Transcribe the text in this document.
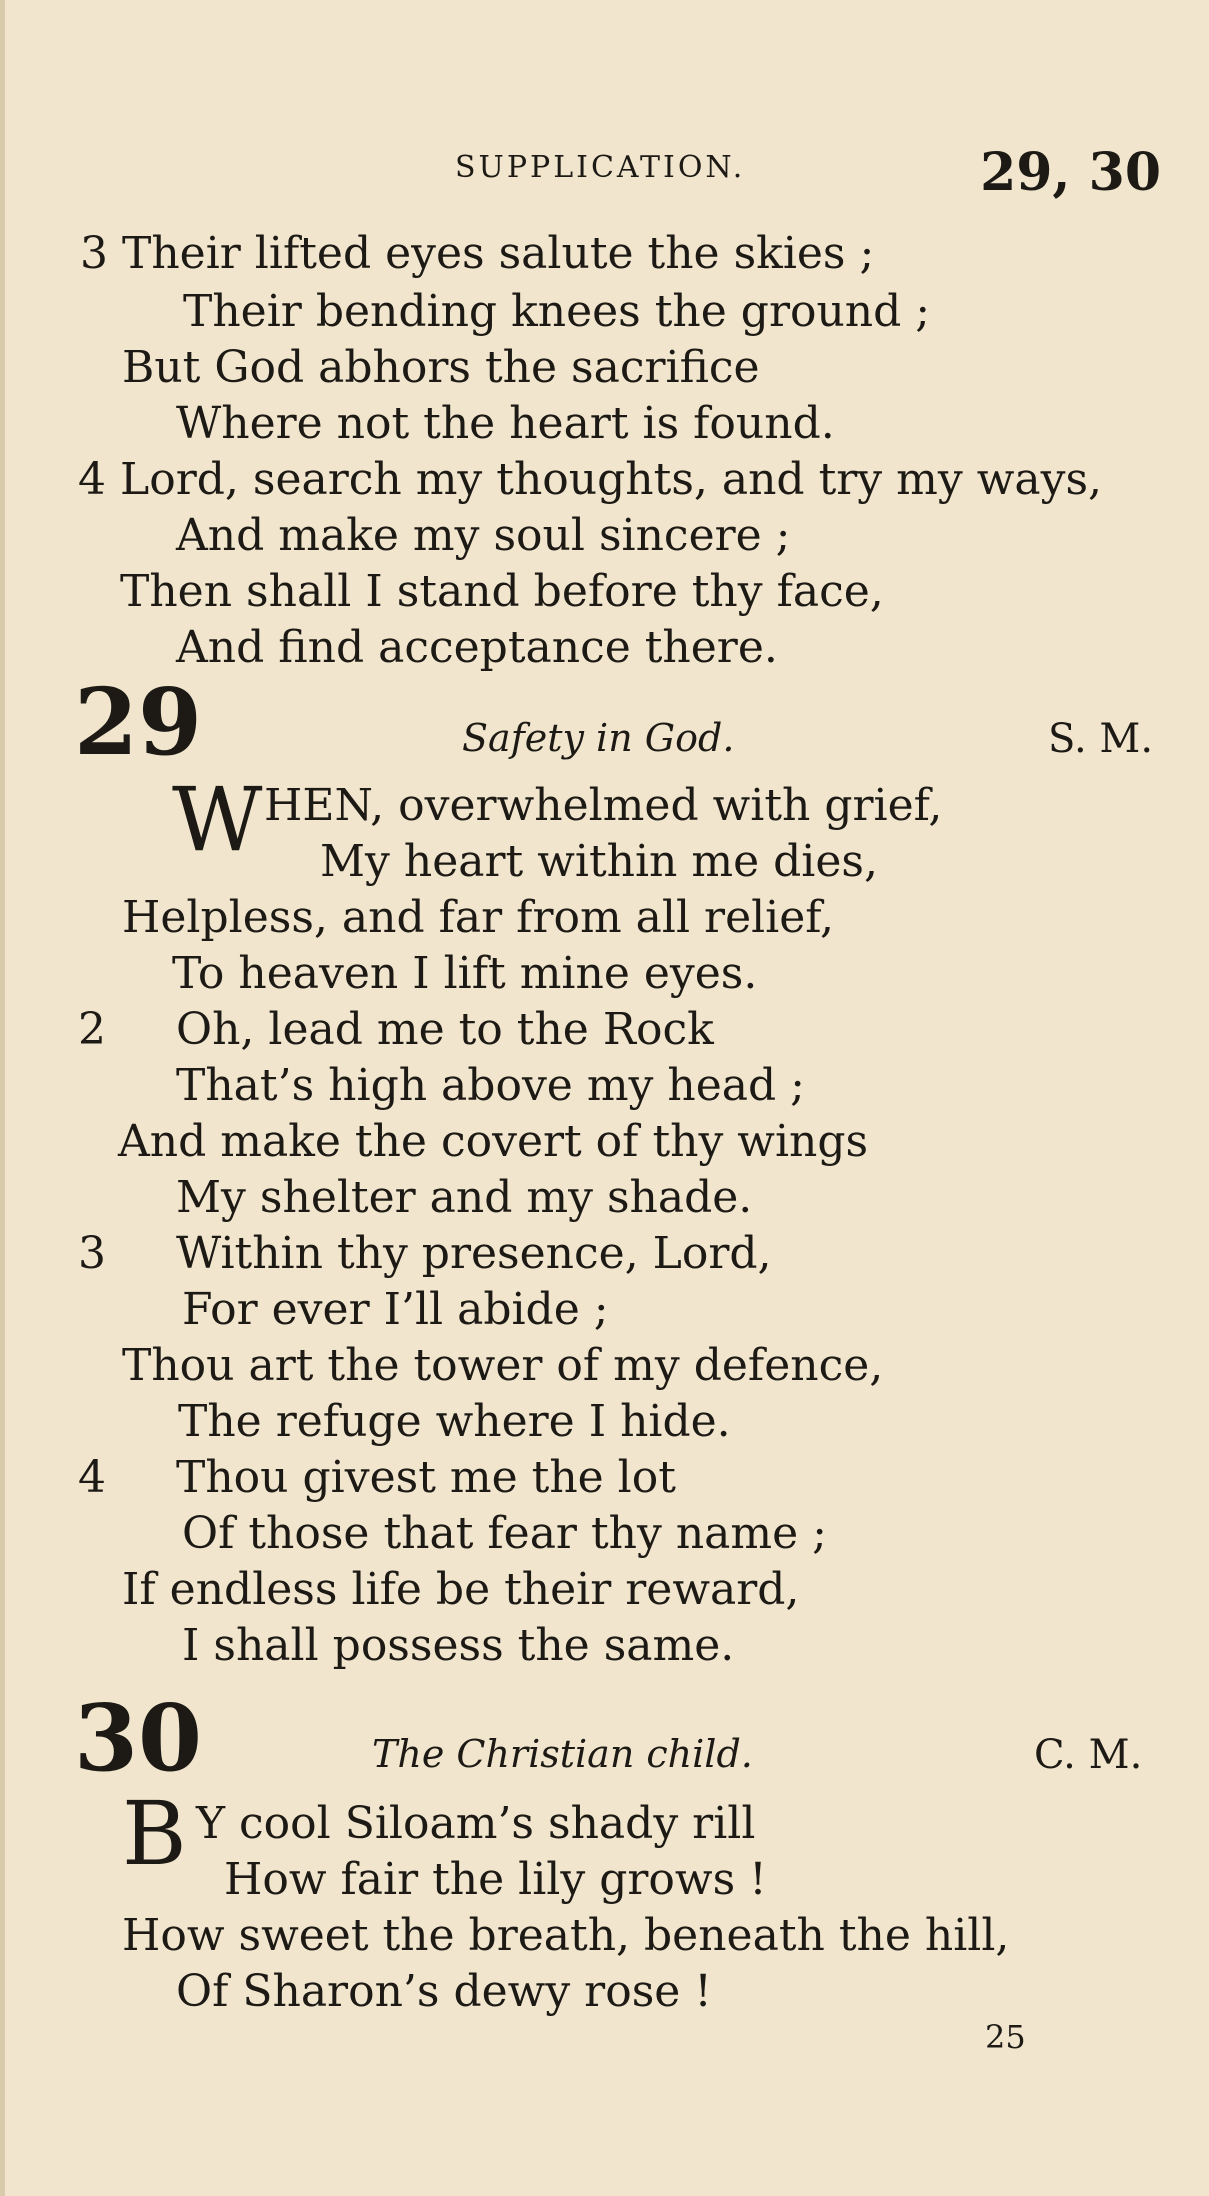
SUPPLICATION.	29, 30
3 Their lifted eyes salute the skies ;
Their bending knees the ground ;
But God abhors the sacrifice
Where not the heart is found.
4 Lord, search my thoughts, and try my ways,
And make my soul sincere ;
Then shall I stand before thy face,
And find acceptance there.
29	Safety in God.	S. M.
W HEN, overwhelmed with grief,
My heart within me dies,
Helpless, and far from all relief,
To heaven I lift mine eyes.
2 Oh, lead me to the Rock
That’s high above my head ;
And make the covert of thy wings
My shelter and my shade.
3 Within thy presence, Lord,
For ever I’ll abide ;
Thou art the tower of my defence,
The refuge where I hide.
4 Thou givest me the lot
Of those that fear thy name ;
If endless life be their reward,
I shall possess the same.
30	The Christian child.	C. M.
B Y cool Siloam’s shady rill
How fair the lily grows !
How sweet the breath, beneath the hill,
Of Sharon’s dewy rose !
25
